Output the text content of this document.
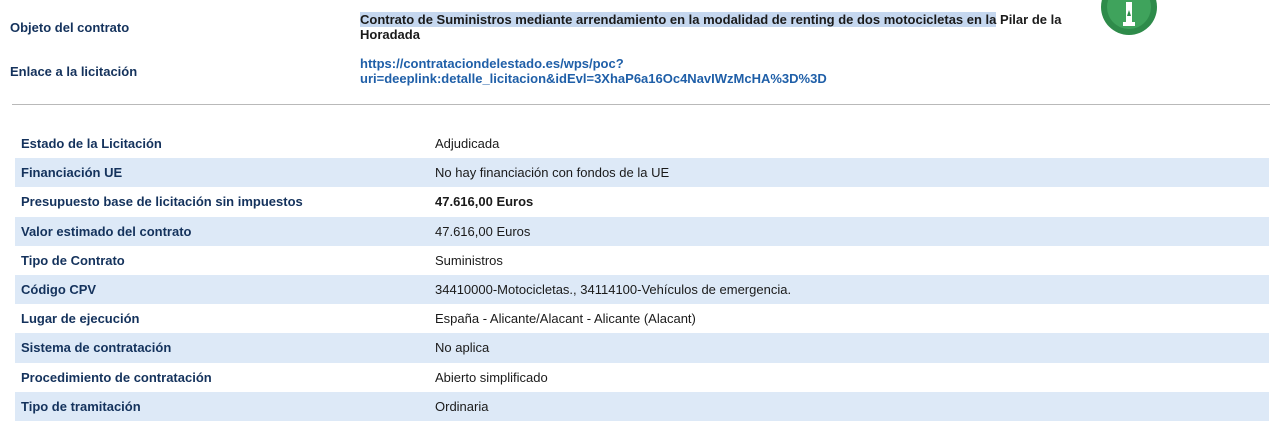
Objeto del contrato
Contrato de Suministros mediante arrendamiento en la modalidad de renting de dos motocicletas en la Pilar de la Horadada
Enlace a la licitación
https://contrataciondelestado.es/wps/poc?
uri=deeplink:detalle_licitacion&idEvl=3XhaP6a16Oc4NavIWzMcHA%3D%3D
Estado de la Licitación	Adjudicada
Financiación UE	No hay financiación con fondos de la UE
Presupuesto base de licitación sin impuestos	47.616,00 Euros
Valor estimado del contrato	47.616,00 Euros
Tipo de Contrato	Suministros
Código CPV	34410000-Motocicletas., 34114100-Vehículos de emergencia.
Lugar de ejecución	España - Alicante/Alacant - Alicante (Alacant)
Sistema de contratación	No aplica
Procedimiento de contratación	Abierto simplificado
Tipo de tramitación	Ordinaria
